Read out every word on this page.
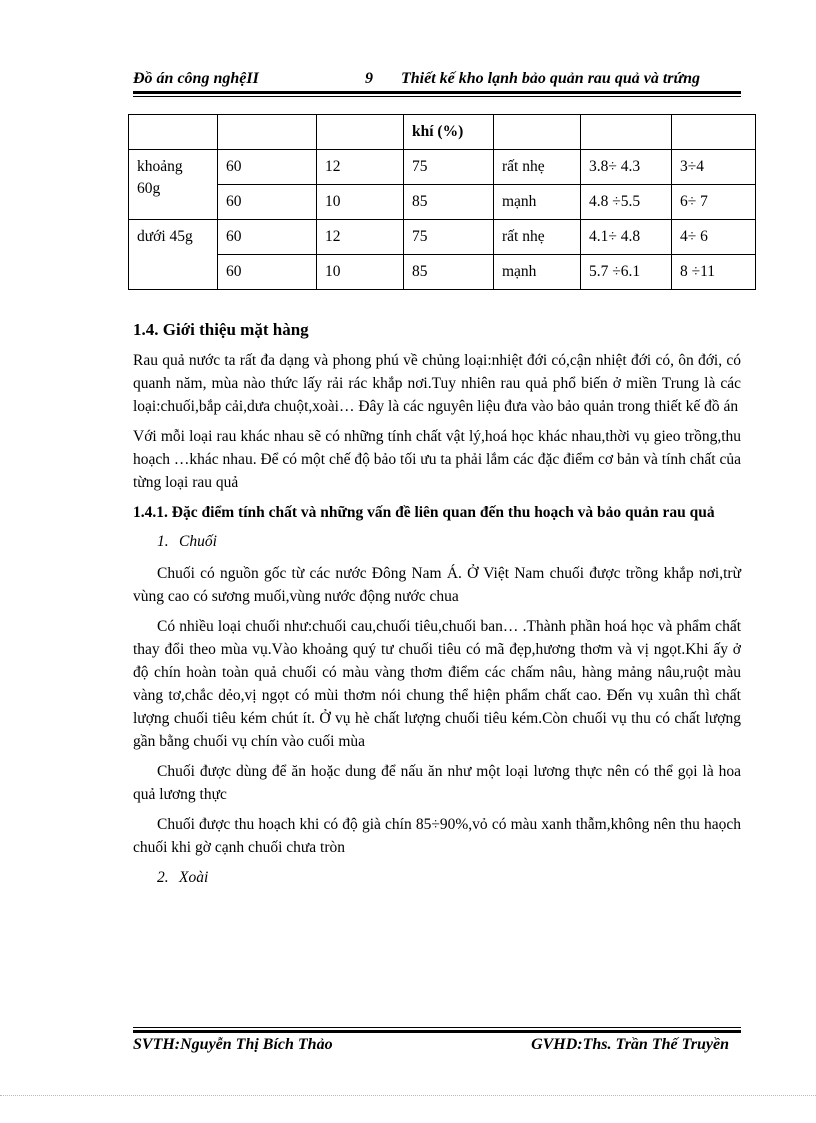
Đồ án công nghệII	9 Thiết kế kho lạnh bảo quản rau quả và trứng
			khí (%)			
khoảng 60g	60	12	75	rất nhẹ	3.8÷ 4.3	3÷4
	60	10	85	mạnh	4.8 ÷5.5	6÷ 7
dưới 45g	60	12	75	rất nhẹ	4.1÷ 4.8	4÷ 6
	60	10	85	mạnh	5.7 ÷6.1	8 ÷11
1.4. Giới thiệu mặt hàng

Rau quả nước ta rất đa dạng và phong phú về chủng loại:nhiệt đới có,cận nhiệt đới có, ôn đới, có quanh năm, mùa nào thức lấy rải rác khắp nơi.Tuy nhiên rau quả phổ biến ở miền Trung là các loại:chuối,bắp cải,dưa chuột,xoài… Đây là các nguyên liệu đưa vào bảo quản trong thiết kế đồ án

Với mỗi loại rau khác nhau sẽ có những tính chất vật lý,hoá học khác nhau,thời vụ gieo trồng,thu hoạch …khác nhau. Để có một chế độ bảo tối ưu ta phải lắm các đặc điểm cơ bản và tính chất của từng loại rau quả

1.4.1. Đặc điểm tính chất và những vấn đề liên quan đến thu hoạch và bảo quản rau quả
1. Chuối

Chuối có nguồn gốc từ các nước Đông Nam Á. Ở Việt Nam chuối được trồng khắp nơi,trừ vùng cao có sương muối,vùng nước động nước chua

Có nhiều loại chuối như:chuối cau,chuối tiêu,chuối ban… .Thành phần hoá học và phẩm chất thay đổi theo mùa vụ.Vào khoảng quý tư chuối tiêu có mã đẹp,hương thơm và vị ngọt.Khi ấy ở độ chín hoàn toàn quả chuối có màu vàng thơm điểm các chấm nâu, hàng mảng nâu,ruột màu vàng tơ,chắc dẻo,vị ngọt có mùi thơm nói chung thể hiện phẩm chất cao. Đến vụ xuân thì chất lượng chuối tiêu kém chút ít. Ở vụ hè chất lượng chuối tiêu kém.Còn chuối vụ thu có chất lượng gần bằng chuối vụ chín vào cuối mùa

Chuối được dùng để ăn hoặc dung để nấu ăn như một loại lương thực nên có thể gọi là hoa quả lương thực

Chuối được thu hoạch khi có độ già chín 85÷90%,vỏ có màu xanh thẫm,không nên thu haọch chuối khi gờ cạnh chuối chưa tròn

2. Xoài
SVTH:Nguyễn Thị Bích Thảo	GVHD:Ths. Trần Thế Truyền
